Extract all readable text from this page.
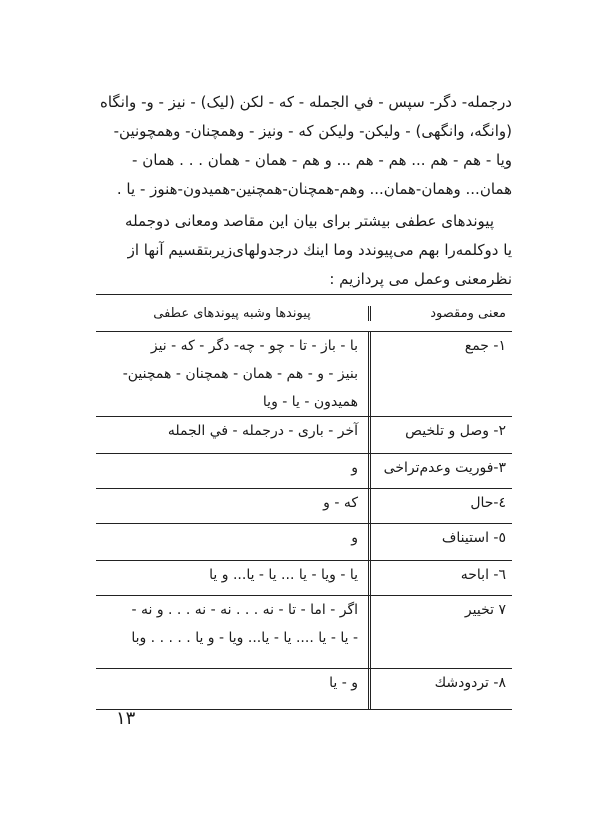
درجمله- دگر- سپس - في الجمله - که - لکن (ليک) - نيز - و- وانگاه
(وانگه، وانگهی) - وليکن- وليکن که - ونيز - وهمچنان- وهمچونين-
ويا - هم - هم ... هم - هم ... و هم - همان - همان . . . همان -
همان... وهمان-همان... وهم-همچنان-همچنين-هميدون-هنوز - يا .
پيوندهای عطفی بيشتر برای بيان اين مقاصد ومعانی دوجمله
يا دوکلمه‌را بهم می‌پيوندد وما اينك درجدولهای‌زيربتقسيم آنها از
نظرمعنی وعمل می پردازيم :
معنی ومقصود
پيوندها وشبه پيوندهای عطفی
۱- جمع
با - باز - تا - چو - چه- دگر - که - نيز
بنيز - و - هم - همان - همچنان - همچنين-
هميدون - يا - ويا
۲- وصل و تلخيص
آخر - باری - درجمله - في الجمله
۳-فوريت وعدم‌تراخی
و
٤-حال
که - و
٥- استيناف
و
٦- اباحه
يا - ويا - يا ... يا - يا... و يا
۷ تخيير
اگر - اما - تا - نه . . . نه - نه . . . و نه -
- يا - يا .... يا - يا... ويا - و يا . . . . . وبا
۸- تردودشك
و - يا
۱۳
